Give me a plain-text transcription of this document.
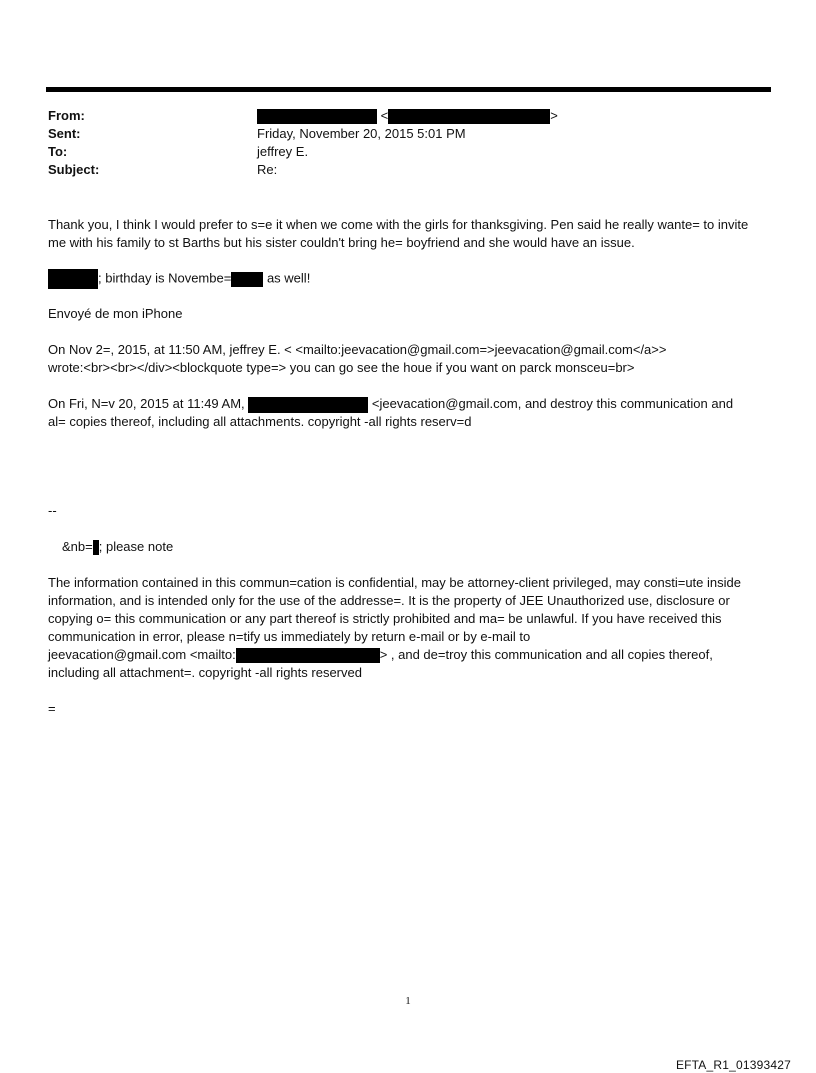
From:	<	>
Sent:	Friday, November 20, 2015 5:01 PM
To:	jeffrey E.
Subject:	Re:

Thank you, I think I would prefer to s=e it when we come with the girls for thanksgiving. Pen said he really wante= to invite me with his family to st Barths but his sister couldn't bring he= boyfriend and she would have an issue.

; birthday is Novembe=	as well!

Envoyé de mon iPhone

On Nov 2=, 2015, at 11:50 AM, jeffrey E. < <mailto:jeevacation@gmail.com=>jeevacation@gmail.com</a>>

wrote:<br><br></div><blockquote type=> you can go see the houe if you want on parck monsceu=br>

On Fri, N=v 20, 2015 at 11:49 AM,	<jeevacation@gmail.com, and destroy this communication and

al= copies thereof, including all attachments. copyright -all rights reserv=d

--

&nb= ; please note

The information contained in this commun=cation is confidential, may be attorney-client privileged, may consti=ute inside information, and is intended only for the use of the addresse=. It is the property of JEE Unauthorized use, disclosure or copying o= this communication or any part thereof is strictly prohibited and ma= be unlawful. If you have received this communication in error, please n=tify us immediately by return e-mail or by e-mail to

jeevacation@gmail.com <mailto:	> , and de=troy this communication and all copies thereof,

including all attachment=. copyright -all rights reserved

=

1
EFTA_R1_01393427
